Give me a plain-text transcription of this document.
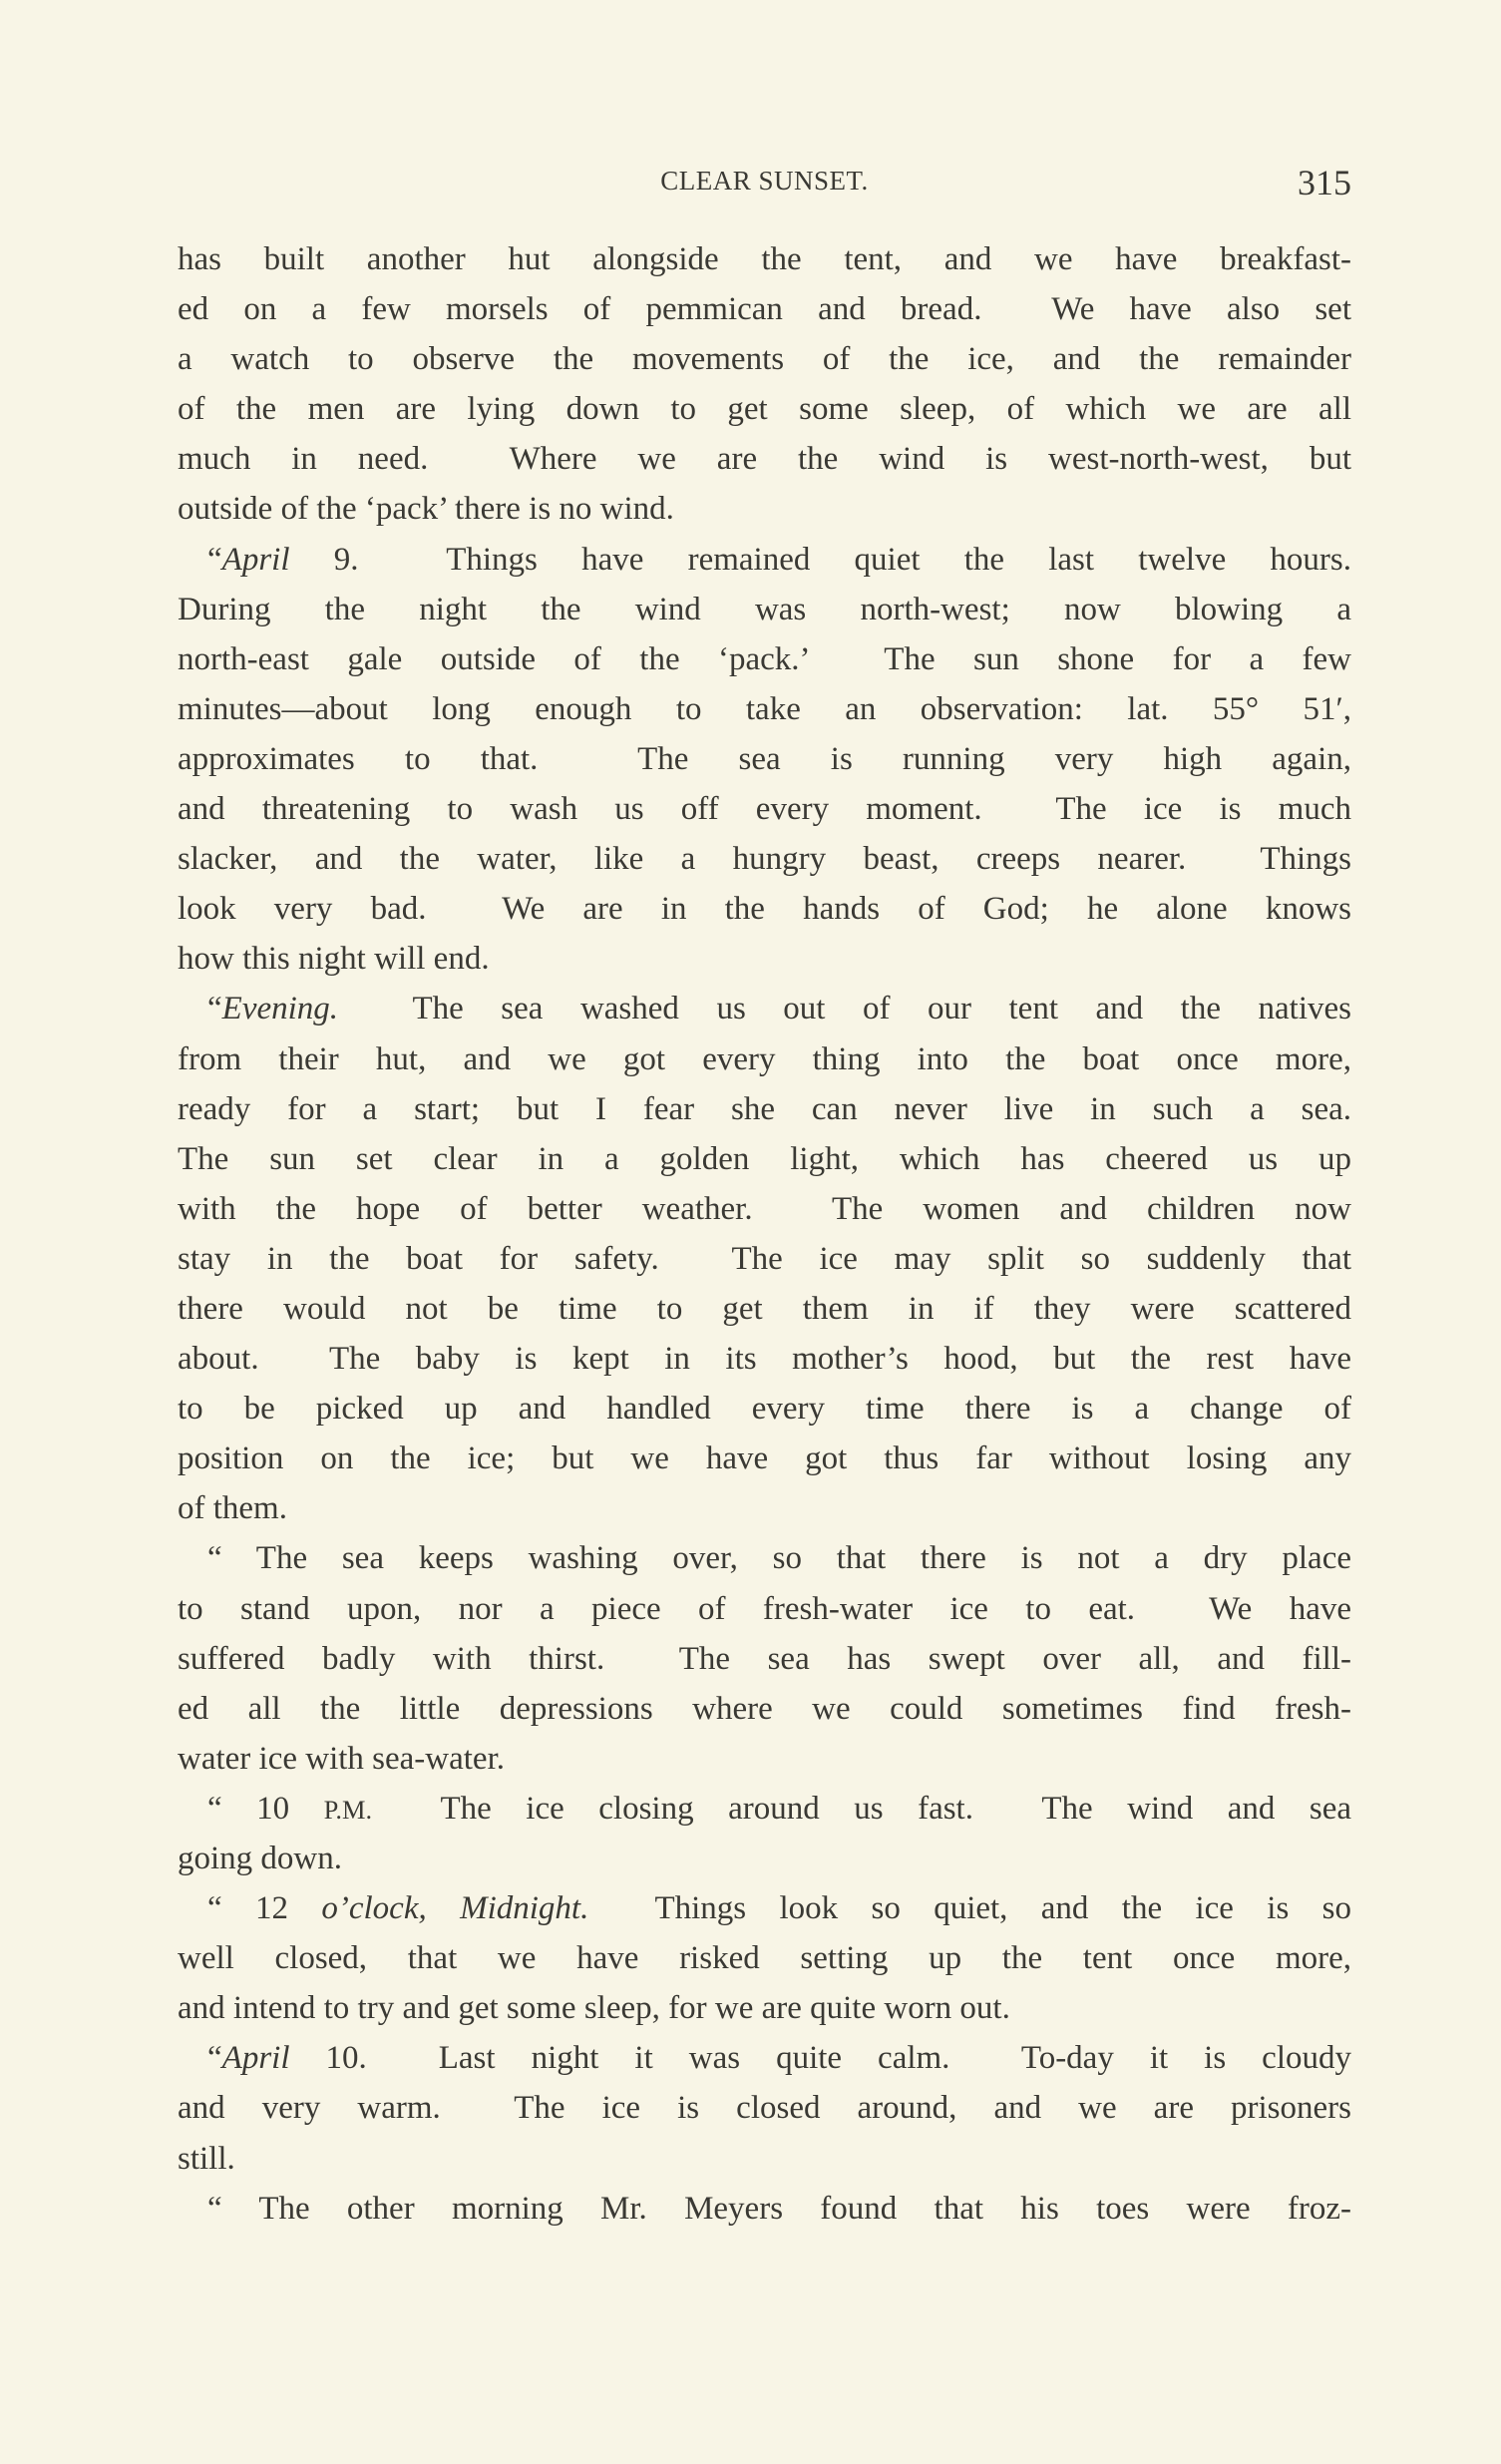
CLEAR SUNSET.	315
has built another hut alongside the tent, and we have breakfast-
ed on a few morsels of pemmican and bread.  We have also set
a watch to observe the movements of the ice, and the remainder
of the men are lying down to get some sleep, of which we are all
much in need.  Where we are the wind is west-north-west, but
outside of the ‘pack’ there is no wind.
“April 9.  Things have remained quiet the last twelve hours.
During the night the wind was north-west; now blowing a
north-east gale outside of the ‘pack.’  The sun shone for a few
minutes—about long enough to take an observation: lat. 55° 51′,
approximates to that.  The sea is running very high again,
and threatening to wash us off every moment.  The ice is much
slacker, and the water, like a hungry beast, creeps nearer.  Things
look very bad.  We are in the hands of God; he alone knows
how this night will end.
“Evening.  The sea washed us out of our tent and the natives
from their hut, and we got every thing into the boat once more,
ready for a start; but I fear she can never live in such a sea.
The sun set clear in a golden light, which has cheered us up
with the hope of better weather.  The women and children now
stay in the boat for safety.  The ice may split so suddenly that
there would not be time to get them in if they were scattered
about.  The baby is kept in its mother’s hood, but the rest have
to be picked up and handled every time there is a change of
position on the ice; but we have got thus far without losing any
of them.
“ The sea keeps washing over, so that there is not a dry place
to stand upon, nor a piece of fresh-water ice to eat.  We have
suffered badly with thirst.  The sea has swept over all, and fill-
ed all the little depressions where we could sometimes find fresh-
water ice with sea-water.
“ 10 P.M.  The ice closing around us fast.  The wind and sea
going down.
“ 12 o’clock, Midnight.  Things look so quiet, and the ice is so
well closed, that we have risked setting up the tent once more,
and intend to try and get some sleep, for we are quite worn out.
“April 10.  Last night it was quite calm.  To-day it is cloudy
and very warm.  The ice is closed around, and we are prisoners
still.
“ The other morning Mr. Meyers found that his toes were froz-
